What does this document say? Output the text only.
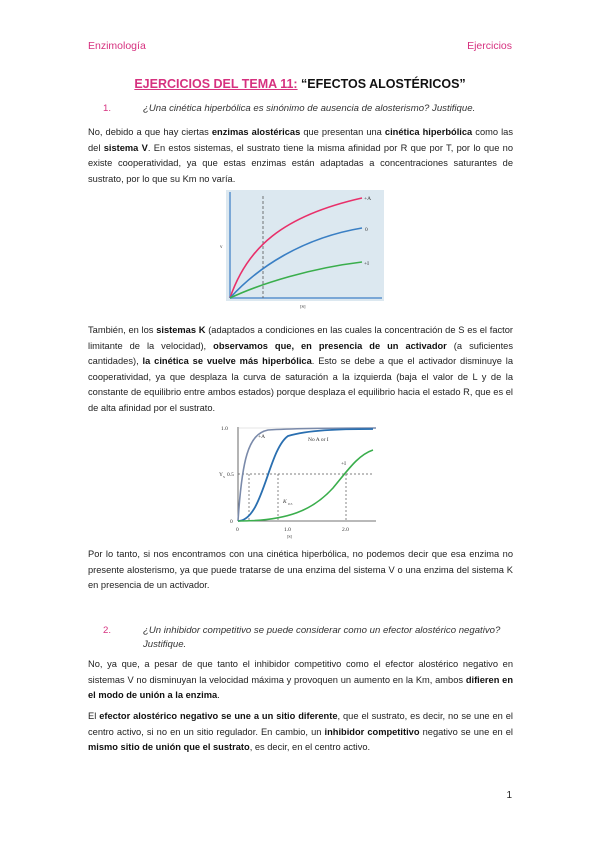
Enzimología	Ejercicios
EJERCICIOS DEL TEMA 11: “EFECTOS ALOSTÉRICOS”
1.	¿Una cinética hiperbólica es sinónimo de ausencia de alosterismo? Justifique.
No, debido a que hay ciertas enzimas alostéricas que presentan una cinética hiperbólica como las del sistema V. En estos sistemas, el sustrato tiene la misma afinidad por R que por T, por lo que no existe cooperatividad, ya que estas enzimas están adaptadas a concentraciones saturantes de sustrato, por lo que su Km no varía.
+A
0
+I
v
[S]
También, en los sistemas K (adaptados a condiciones en las cuales la concentración de S es el factor limitante de la velocidad), observamos que, en presencia de un activador (a suficientes cantidades), la cinética se vuelve más hiperbólica. Esto se debe a que el activador disminuye la cooperatividad, ya que desplaza la curva de saturación a la izquierda (baja el valor de L y de la constante de equilibrio entre ambos estados) porque desplaza el equilibrio hacia el estado R, que es el de alta afinidad por el sustrato.
1.0
Y S 0.5
0
0	1.0	2.0
[S]
+A	No A or I
+I
K 0.5
Por lo tanto, si nos encontramos con una cinética hiperbólica, no podemos decir que esa enzima no presente alosterismo, ya que puede tratarse de una enzima del sistema V o una enzima del sistema K en presencia de un activador.
2.	¿Un inhibidor competitivo se puede considerar como un efector alostérico negativo? Justifique.
No, ya que, a pesar de que tanto el inhibidor competitivo como el efector alostérico negativo en sistemas V no disminuyan la velocidad máxima y provoquen un aumento en la Km, ambos difieren en el modo de unión a la enzima.
El efector alostérico negativo se une a un sitio diferente, que el sustrato, es decir, no se une en el centro activo, si no en un sitio regulador. En cambio, un inhibidor competitivo negativo se une en el mismo sitio de unión que el sustrato, es decir, en el centro activo.
1
